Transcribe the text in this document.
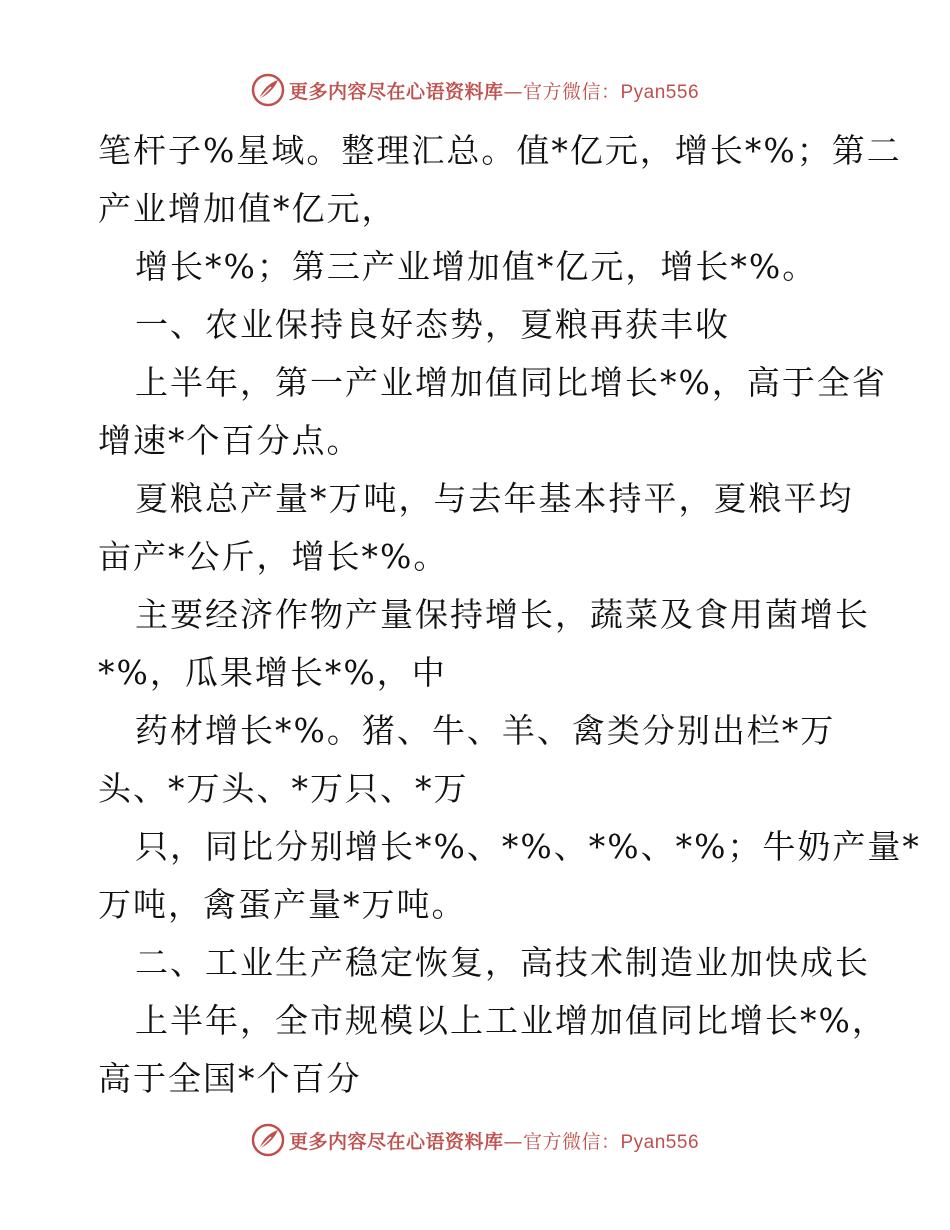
更多内容尽在心语资料库—官方微信：Pyan556

笔杆子%星域。整理汇总。值*亿元，增长*%；第二

产业增加值*亿元，

增长*%；第三产业增加值*亿元，增长*%。

一、农业保持良好态势，夏粮再获丰收

上半年，第一产业增加值同比增长*%，高于全省

增速*个百分点。

夏粮总产量*万吨，与去年基本持平，夏粮平均

亩产*公斤，增长*%。

主要经济作物产量保持增长，蔬菜及食用菌增长

*%，瓜果增长*%，中

药材增长*%。猪、牛、羊、禽类分别出栏*万

头、*万头、*万只、*万

只，同比分别增长*%、*%、*%、*%；牛奶产量*

万吨，禽蛋产量*万吨。

二、工业生产稳定恢复，高技术制造业加快成长

上半年，全市规模以上工业增加值同比增长*%，

高于全国*个百分

更多内容尽在心语资料库—官方微信：Pyan556
